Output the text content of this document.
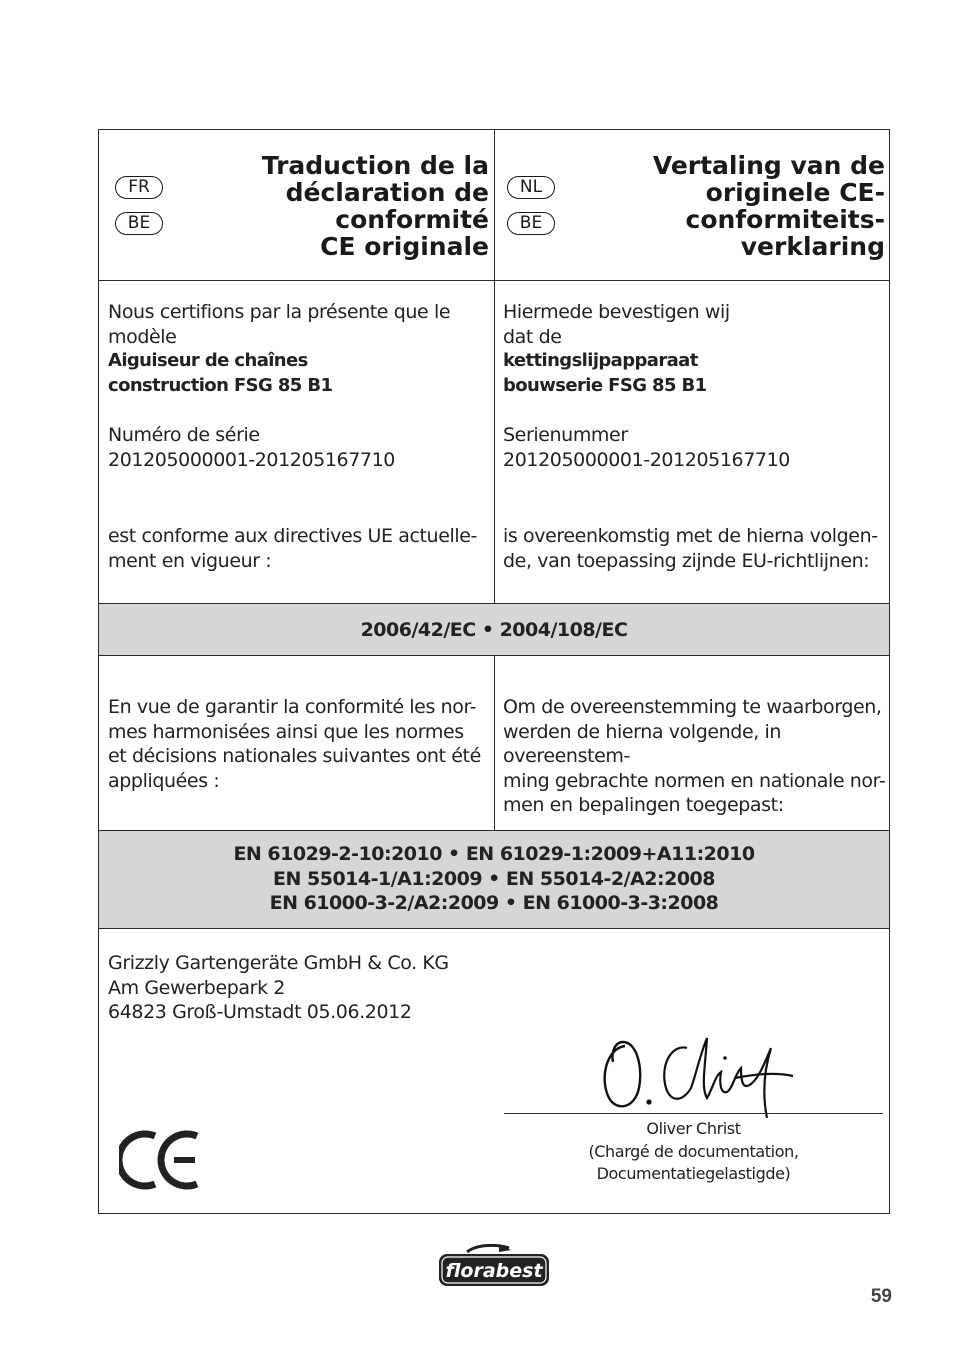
FR
BE
Traduction de la
déclaration de
conformité
CE originale
NL
BE
Vertaling van de
originele CE-
conformiteits-
verklaring
Nous certifions par la présente que le
modèle
Aiguiseur de chaînes
construction FSG 85 B1
Numéro de série
201205000001-201205167710
est conforme aux directives UE actuelle-
ment en vigueur :
Hiermede bevestigen wij
dat de
kettingslijpapparaat
bouwserie FSG 85 B1
Serienummer
201205000001-201205167710
is overeenkomstig met de hierna volgen-
de, van toepassing zijnde EU-richtlijnen:
2006/42/EC • 2004/108/EC
En vue de garantir la conformité les nor-
mes harmonisées ainsi que les normes
et décisions nationales suivantes ont été
appliquées :
Om de overeenstemming te waarborgen,
werden de hierna volgende, in overeenstem-
ming gebrachte normen en nationale nor-
men en bepalingen toegepast:
EN 61029-2-10:2010 • EN 61029-1:2009+A11:2010
EN 55014-1/A1:2009 • EN 55014-2/A2:2008
EN 61000-3-2/A2:2009 • EN 61000-3-3:2008
Grizzly Gartengeräte GmbH & Co. KG
Am Gewerbepark 2
64823 Groß-Umstadt 05.06.2012
Oliver Christ
(Chargé de documentation,
Documentatiegelastigde)
florabest
59
